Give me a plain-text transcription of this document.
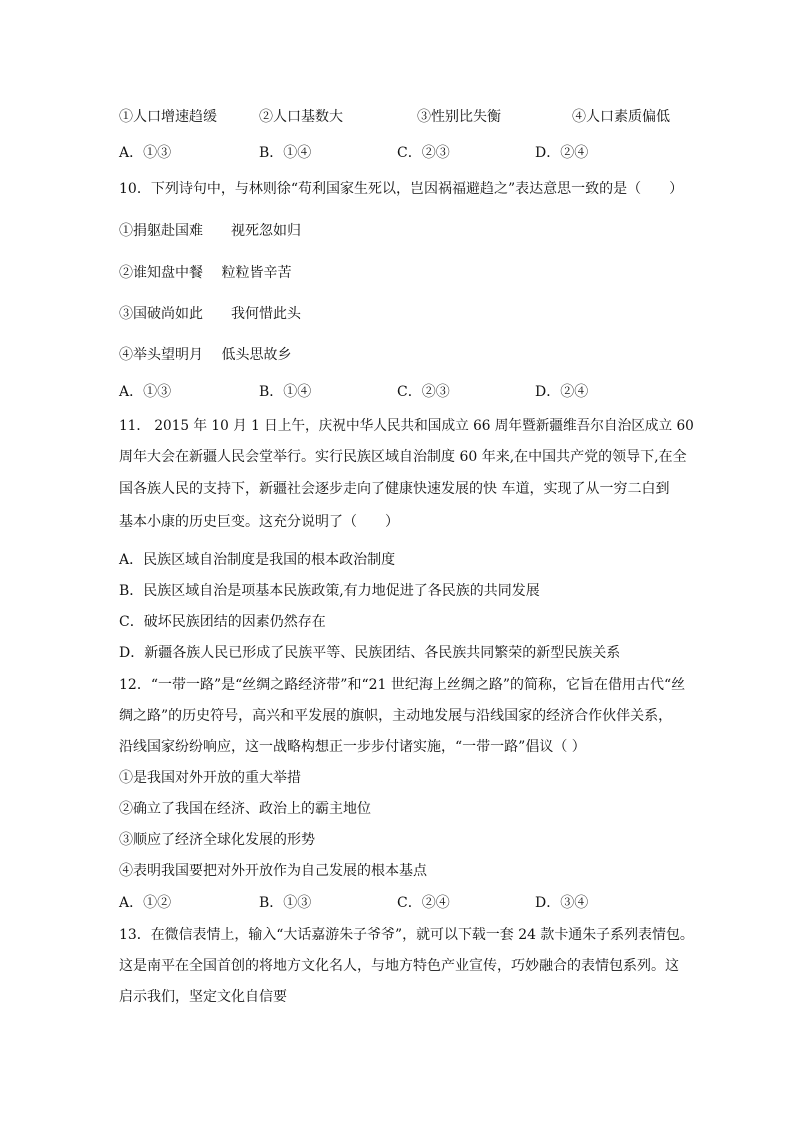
①人口增速趋缓	②人口基数大	③性别比失衡	④人口素质偏低
A．①③	B．①④	C．②③	D．②④
10．下列诗句中，与林则徐“苟利国家生死以，岂因祸福避趋之”表达意思一致的是（　　）
①捐躯赴国难　　视死忽如归
②谁知盘中餐　 粒粒皆辛苦
③国破尚如此　　我何惜此头
④举头望明月　 低头思故乡
A．①③	B．①④	C．②③	D．②④
11． 2015 年 10 月 1 日上午，庆祝中华人民共和国成立 66 周年暨新疆维吾尔自治区成立 60
周年大会在新疆人民会堂举行。实行民族区域自治制度 60 年来,在中国共产党的领导下,在全
国各族人民的支持下，新疆社会逐步走向了健康快速发展的快 车道，实现了从一穷二白到
基本小康的历史巨变。这充分说明了（　　）
A．民族区域自治制度是我国的根本政治制度
B．民族区域自治是项基本民族政策,有力地促进了各民族的共同发展
C．破坏民族团结的因素仍然存在
D．新疆各族人民已形成了民族平等、民族团结、各民族共同繁荣的新型民族关系
12．“一带一路”是“丝绸之路经济带”和“21 世纪海上丝绸之路”的简称，它旨在借用古代“丝
绸之路”的历史符号，高兴和平发展的旗帜，主动地发展与沿线国家的经济合作伙伴关系，
沿线国家纷纷响应，这一战略构想正一步步付诸实施，“一带一路”倡议（ ）
①是我国对外开放的重大举措
②确立了我国在经济、政治上的霸主地位
③顺应了经济全球化发展的形势
④表明我国要把对外开放作为自己发展的根本基点
A．①②	B．①③	C．②④	D．③④
13．在微信表情上，输入“大话嘉游朱子爷爷”，就可以下载一套 24 款卡通朱子系列表情包。
这是南平在全国首创的将地方文化名人，与地方特色产业宣传，巧妙融合的表情包系列。这
启示我们，坚定文化自信要
